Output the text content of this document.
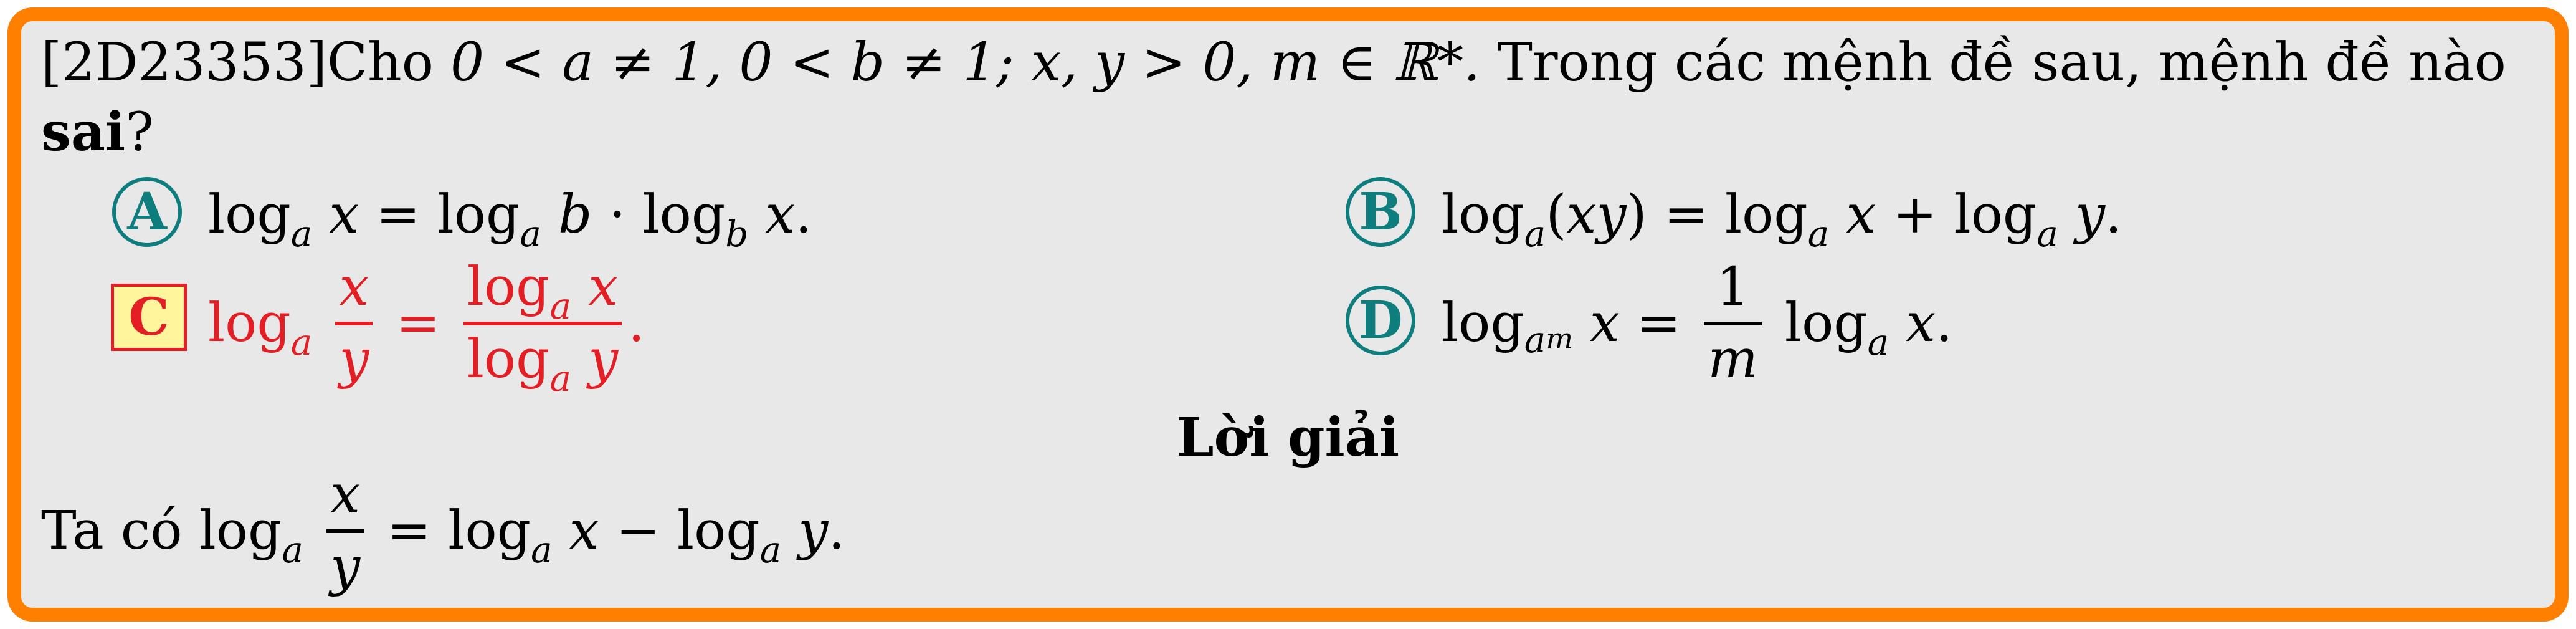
[2D23353]Cho 0 < a ≠ 1, 0 < b ≠ 1; x, y > 0, m ∈ ℝ*. Trong các mệnh đề sau, mệnh đề nào
sai?
A $\log_a x = \log_a b \cdot \log_b x$.	B $\log_a(xy) = \log_a x + \log_a y$.
C $\log_a \frac{x}{y} = \frac{\log_a x}{\log_a y}$ .	D $\log_{am} x = \frac{1}{m} \log_a x$.
Lời giải
Ta có $\log_a \frac{x}{y} = \log_a x - \log_a y$.
